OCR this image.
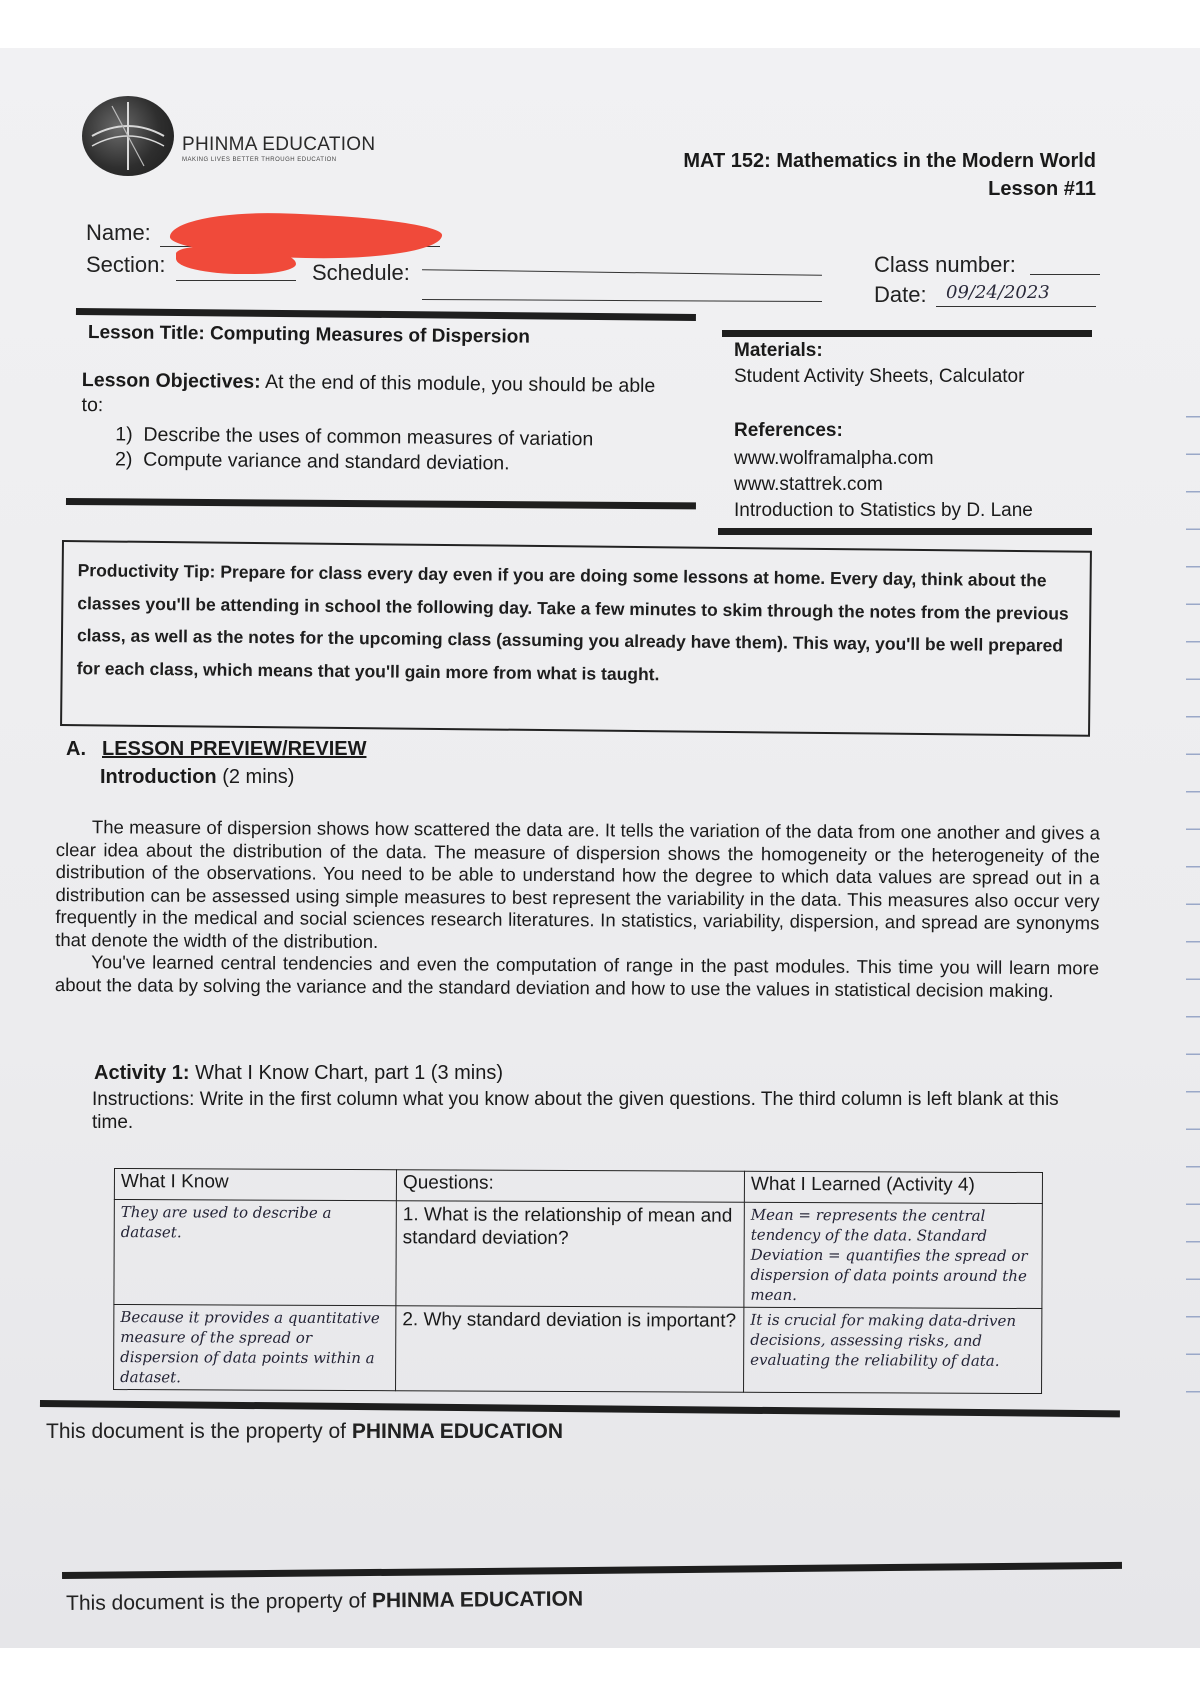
PHINMA EDUCATION
MAKING LIVES BETTER THROUGH EDUCATION	MAT 152: Mathematics in the Modern World
Lesson #11
Name:
Section:	Schedule:	Class number:
Date: 09/24/2023
Lesson Title: Computing Measures of Dispersion
Lesson Objectives: At the end of this module, you should be able to:
1) Describe the uses of common measures of variation
2) Compute variance and standard deviation.
Materials:
Student Activity Sheets, Calculator
References:
www.wolframalpha.com
www.stattrek.com
Introduction to Statistics by D. Lane

Productivity Tip: Prepare for class every day even if you are doing some lessons at home. Every day, think about the classes you'll be attending in school the following day. Take a few minutes to skim through the notes from the previous class, as well as the notes for the upcoming class (assuming you already have them). This way, you'll be well prepared for each class, which means that you'll gain more from what is taught.

A. LESSON PREVIEW/REVIEW
Introduction (2 mins)

The measure of dispersion shows how scattered the data are. It tells the variation of the data from one another and gives a clear idea about the distribution of the data. The measure of dispersion shows the homogeneity or the heterogeneity of the distribution of the observations. You need to be able to understand how the degree to which data values are spread out in a distribution can be assessed using simple measures to best represent the variability in the data. This measures also occur very frequently in the medical and social sciences research literatures. In statistics, variability, dispersion, and spread are synonyms that denote the width of the distribution.

You've learned central tendencies and even the computation of range in the past modules. This time you will learn more about the data by solving the variance and the standard deviation and how to use the values in statistical decision making.

Activity 1: What I Know Chart, part 1 (3 mins)
Instructions: Write in the first column what you know about the given questions. The third column is left blank at this time.
What I Know	Questions:	What I Learned (Activity 4)
They are used to describe a dataset.	1. What is the relationship of mean and standard deviation?	Mean = represents the central tendency of the data. Standard Deviation = quantifies the spread or dispersion of data points around the mean.
Because it provides a quantitative measure of the spread or dispersion of data points within a dataset.	2. Why standard deviation is important?	It is crucial for making data-driven decisions, assessing risks, and evaluating the reliability of data.
This document is the property of PHINMA EDUCATION
This document is the property of PHINMA EDUCATION
